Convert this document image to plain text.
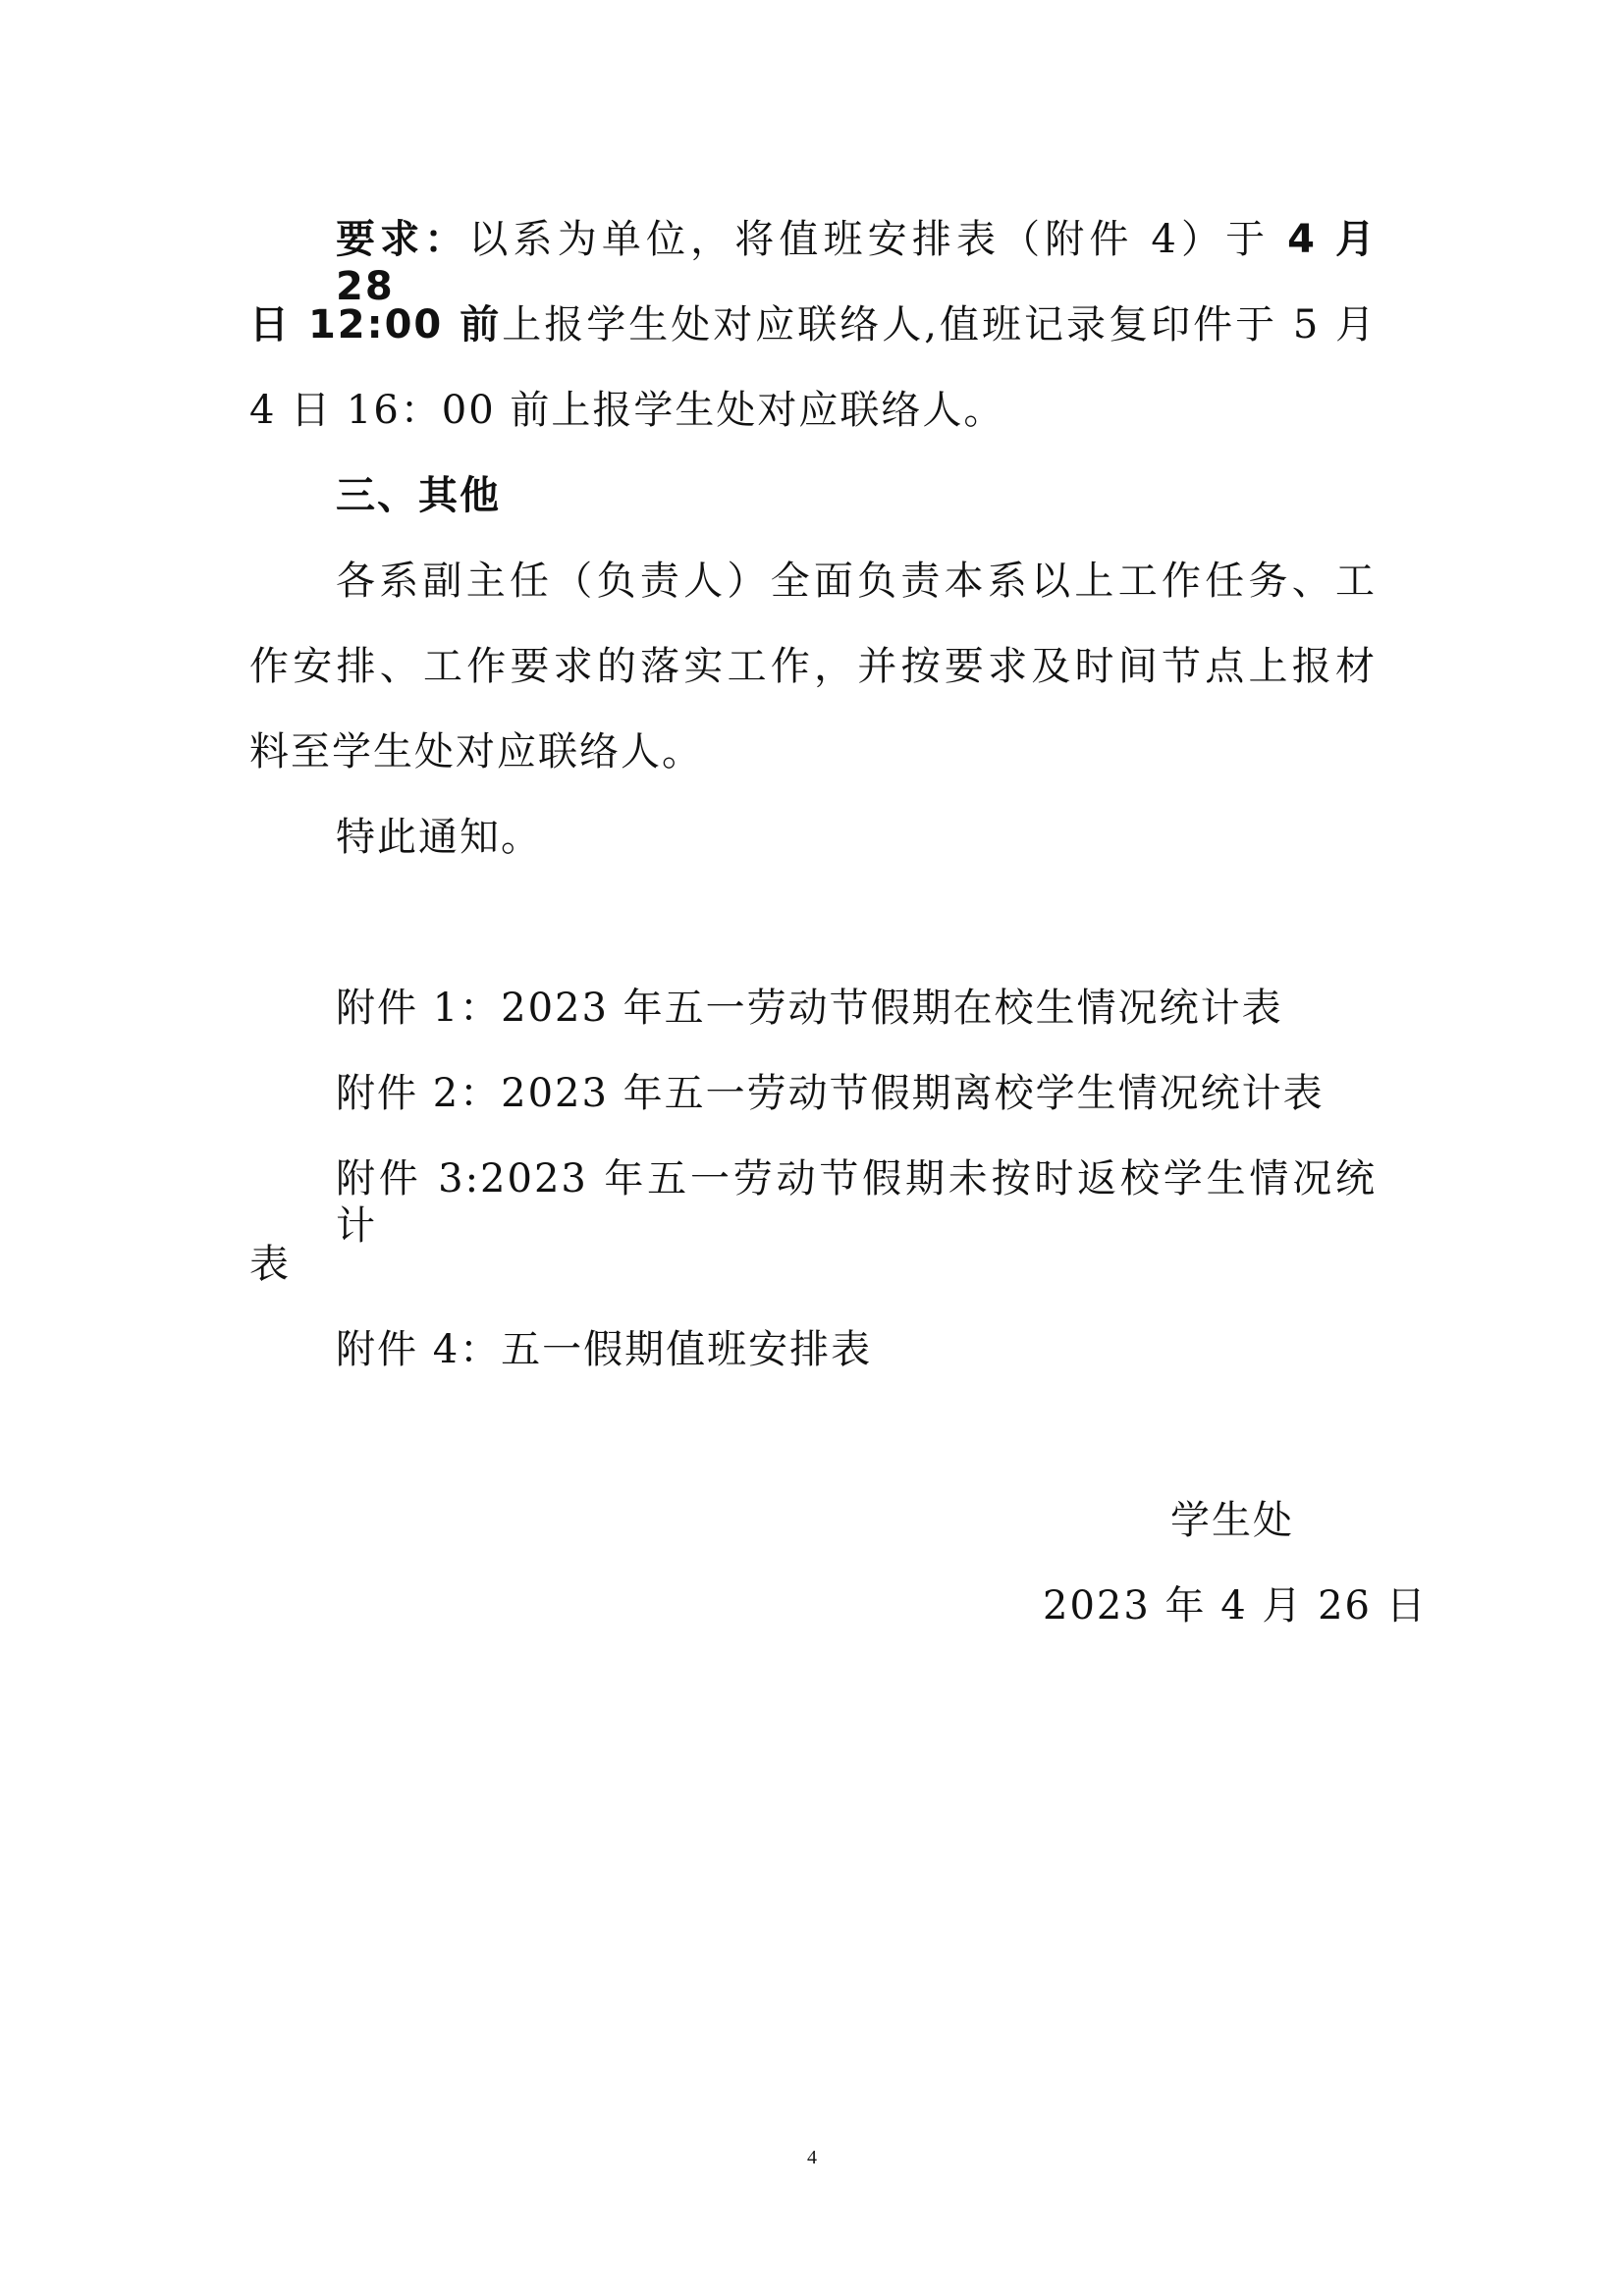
要求：以系为单位，将值班安排表（附件 4）于 4 月 28
日 12:00 前上报学生处对应联络人,值班记录复印件于 5 月
4 日 16：00 前上报学生处对应联络人。
三、其他
各系副主任（负责人）全面负责本系以上工作任务、工
作安排、工作要求的落实工作，并按要求及时间节点上报材
料至学生处对应联络人。
特此通知。
附件 1：2023 年五一劳动节假期在校生情况统计表
附件 2：2023 年五一劳动节假期离校学生情况统计表
附件 3:2023 年五一劳动节假期未按时返校学生情况统计
表
附件 4：五一假期值班安排表
学生处
2023 年 4 月 26 日
4
